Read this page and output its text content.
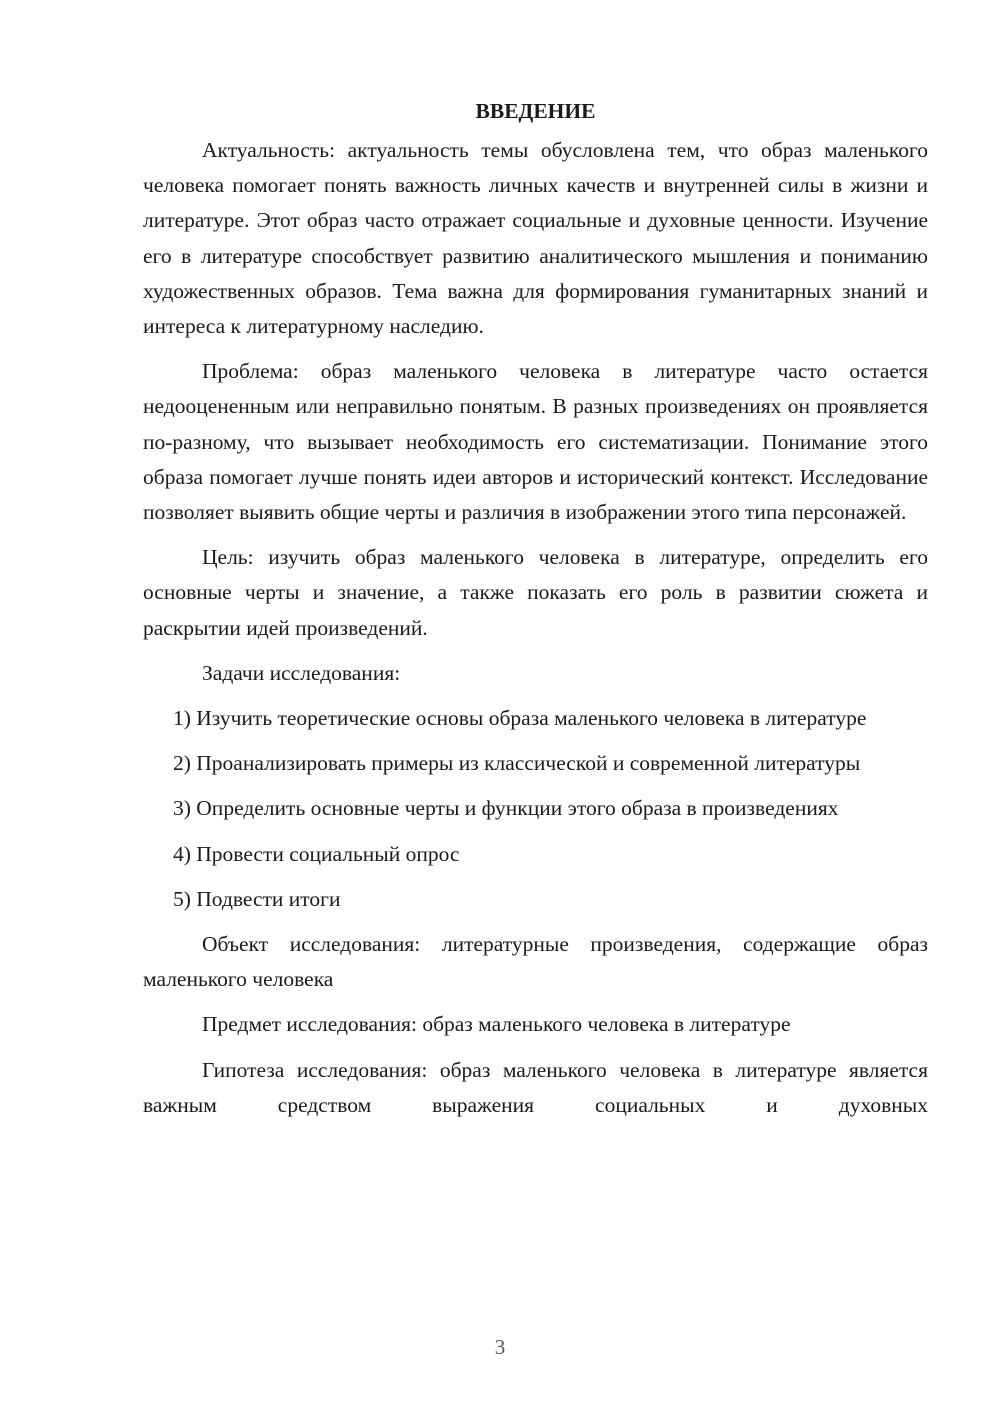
ВВЕДЕНИЕ

Актуальность: актуальность темы обусловлена тем, что образ маленького человека помогает понять важность личных качеств и внутренней силы в жизни и литературе. Этот образ часто отражает социальные и духовные ценности. Изучение его в литературе способствует развитию аналитического мышления и пониманию художественных образов. Тема важна для формирования гуманитарных знаний и интереса к литературному наследию.

Проблема: образ маленького человека в литературе часто остается недооцененным или неправильно понятым. В разных произведениях он проявляется по-разному, что вызывает необходимость его систематизации. Понимание этого образа помогает лучше понять идеи авторов и исторический контекст. Исследование позволяет выявить общие черты и различия в изображении этого типа персонажей.

Цель: изучить образ маленького человека в литературе, определить его основные черты и значение, а также показать его роль в развитии сюжета и раскрытии идей произведений.

Задачи исследования:

1) Изучить теоретические основы образа маленького человека в литературе

2) Проанализировать примеры из классической и современной литературы

3) Определить основные черты и функции этого образа в произведениях

4) Провести социальный опрос

5) Подвести итоги

Объект исследования: литературные произведения, содержащие образ маленького человека

Предмет исследования: образ маленького человека в литературе

Гипотеза исследования: образ маленького человека в литературе является важным средством выражения социальных и духовных

3
